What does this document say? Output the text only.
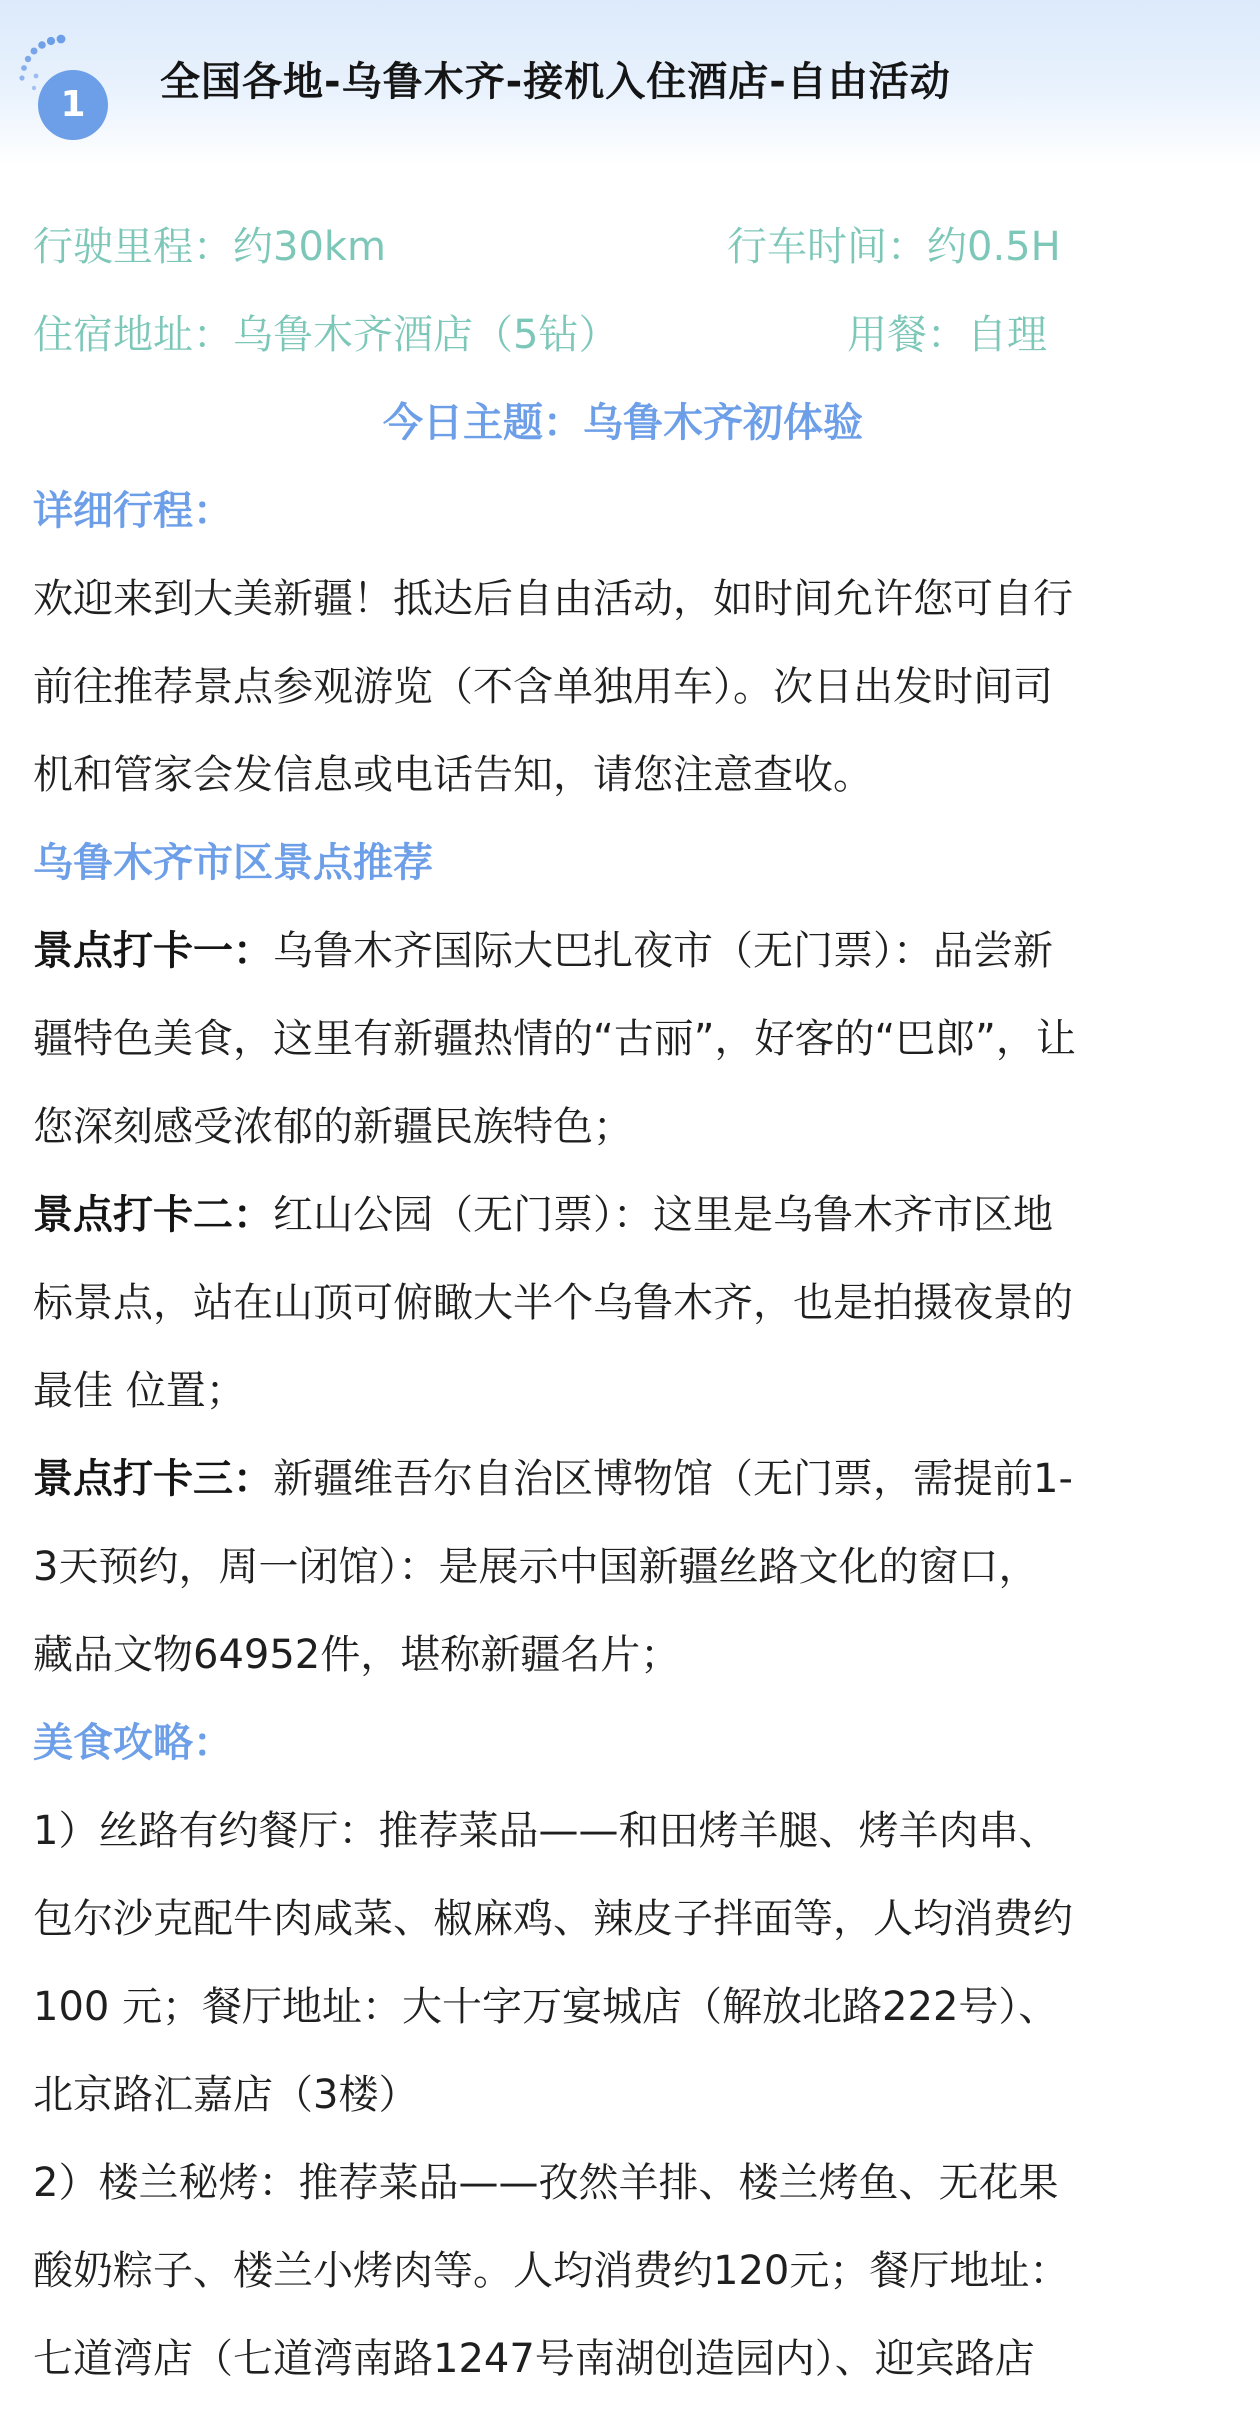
1	全国各地-乌鲁木齐-接机入住酒店-自由活动
行驶里程：约30km	行车时间：约0.5H
住宿地址：乌鲁木齐酒店（5钻）	用餐：自理
今日主题：乌鲁木齐初体验
详细行程：
欢迎来到大美新疆！抵达后自由活动，如时间允许您可自行
前往推荐景点参观游览（不含单独用车）。次日出发时间司
机和管家会发信息或电话告知，请您注意查收。
乌鲁木齐市区景点推荐
景点打卡一：乌鲁木齐国际大巴扎夜市（无门票）：品尝新
疆特色美食，这里有新疆热情的“古丽”，好客的“巴郎”，让
您深刻感受浓郁的新疆民族特色；
景点打卡二：红山公园（无门票）：这里是乌鲁木齐市区地
标景点，站在山顶可俯瞰大半个乌鲁木齐，也是拍摄夜景的
最佳 位置；
景点打卡三：新疆维吾尔自治区博物馆（无门票，需提前1-
3天预约，周一闭馆）：是展示中国新疆丝路文化的窗口，
藏品文物64952件，堪称新疆名片；
美食攻略：
1）丝路有约餐厅：推荐菜品——和田烤羊腿、烤羊肉串、
包尔沙克配牛肉咸菜、椒麻鸡、辣皮子拌面等，人均消费约
100 元；餐厅地址：大十字万宴城店（解放北路222号）、
北京路汇嘉店（3楼）
2）楼兰秘烤：推荐菜品——孜然羊排、楼兰烤鱼、无花果
酸奶粽子、楼兰小烤肉等。人均消费约120元；餐厅地址：
七道湾店（七道湾南路1247号南湖创造园内）、迎宾路店
